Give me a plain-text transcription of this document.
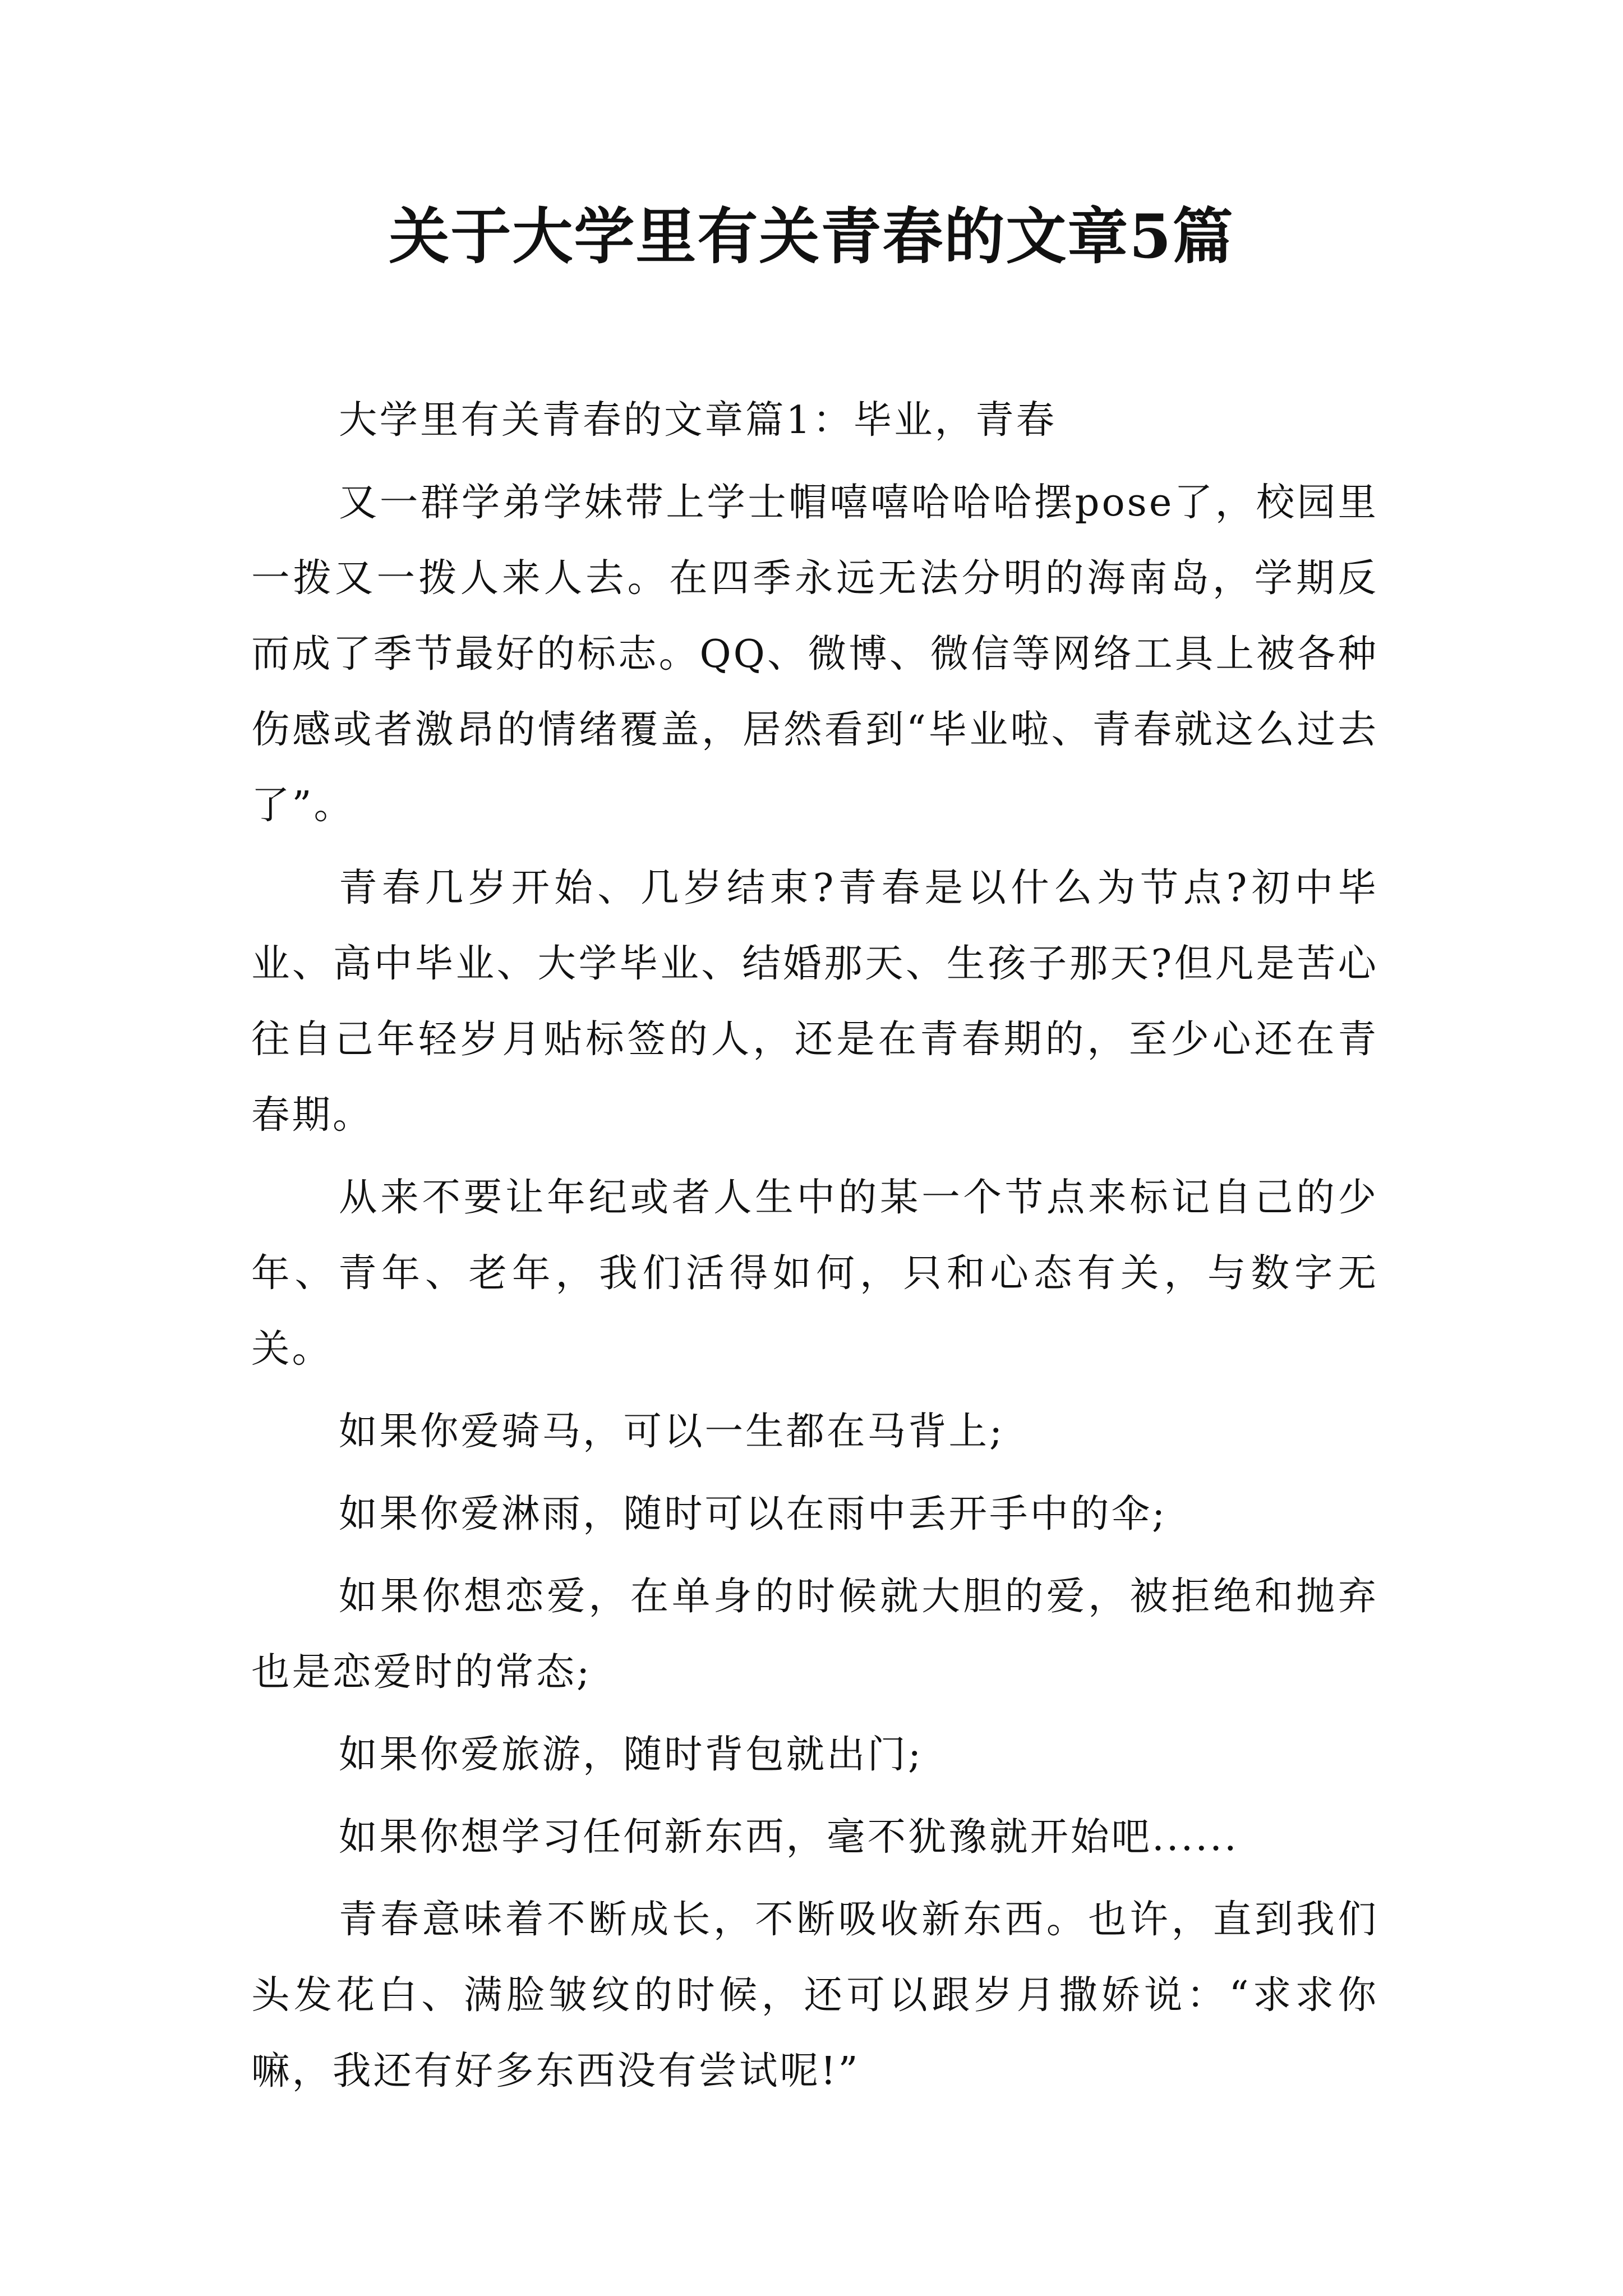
关于大学里有关青春的文章5篇

大学里有关青春的文章篇1：毕业，青春

又一群学弟学妹带上学士帽嘻嘻哈哈哈摆pose了，校园里一拨又一拨人来人去。在四季永远无法分明的海南岛，学期反而成了季节最好的标志。QQ、微博、微信等网络工具上被各种伤感或者激昂的情绪覆盖，居然看到“毕业啦、青春就这么过去了”。

青春几岁开始、几岁结束?青春是以什么为节点?初中毕业、高中毕业、大学毕业、结婚那天、生孩子那天?但凡是苦心往自己年轻岁月贴标签的人，还是在青春期的，至少心还在青春期。

从来不要让年纪或者人生中的某一个节点来标记自己的少年、青年、老年，我们活得如何，只和心态有关，与数字无关。

如果你爱骑马，可以一生都在马背上;

如果你爱淋雨，随时可以在雨中丢开手中的伞;

如果你想恋爱，在单身的时候就大胆的爱，被拒绝和抛弃也是恋爱时的常态;

如果你爱旅游，随时背包就出门;

如果你想学习任何新东西，毫不犹豫就开始吧......

青春意味着不断成长，不断吸收新东西。也许，直到我们头发花白、满脸皱纹的时候，还可以跟岁月撒娇说：“求求你嘛，我还有好多东西没有尝试呢!”
